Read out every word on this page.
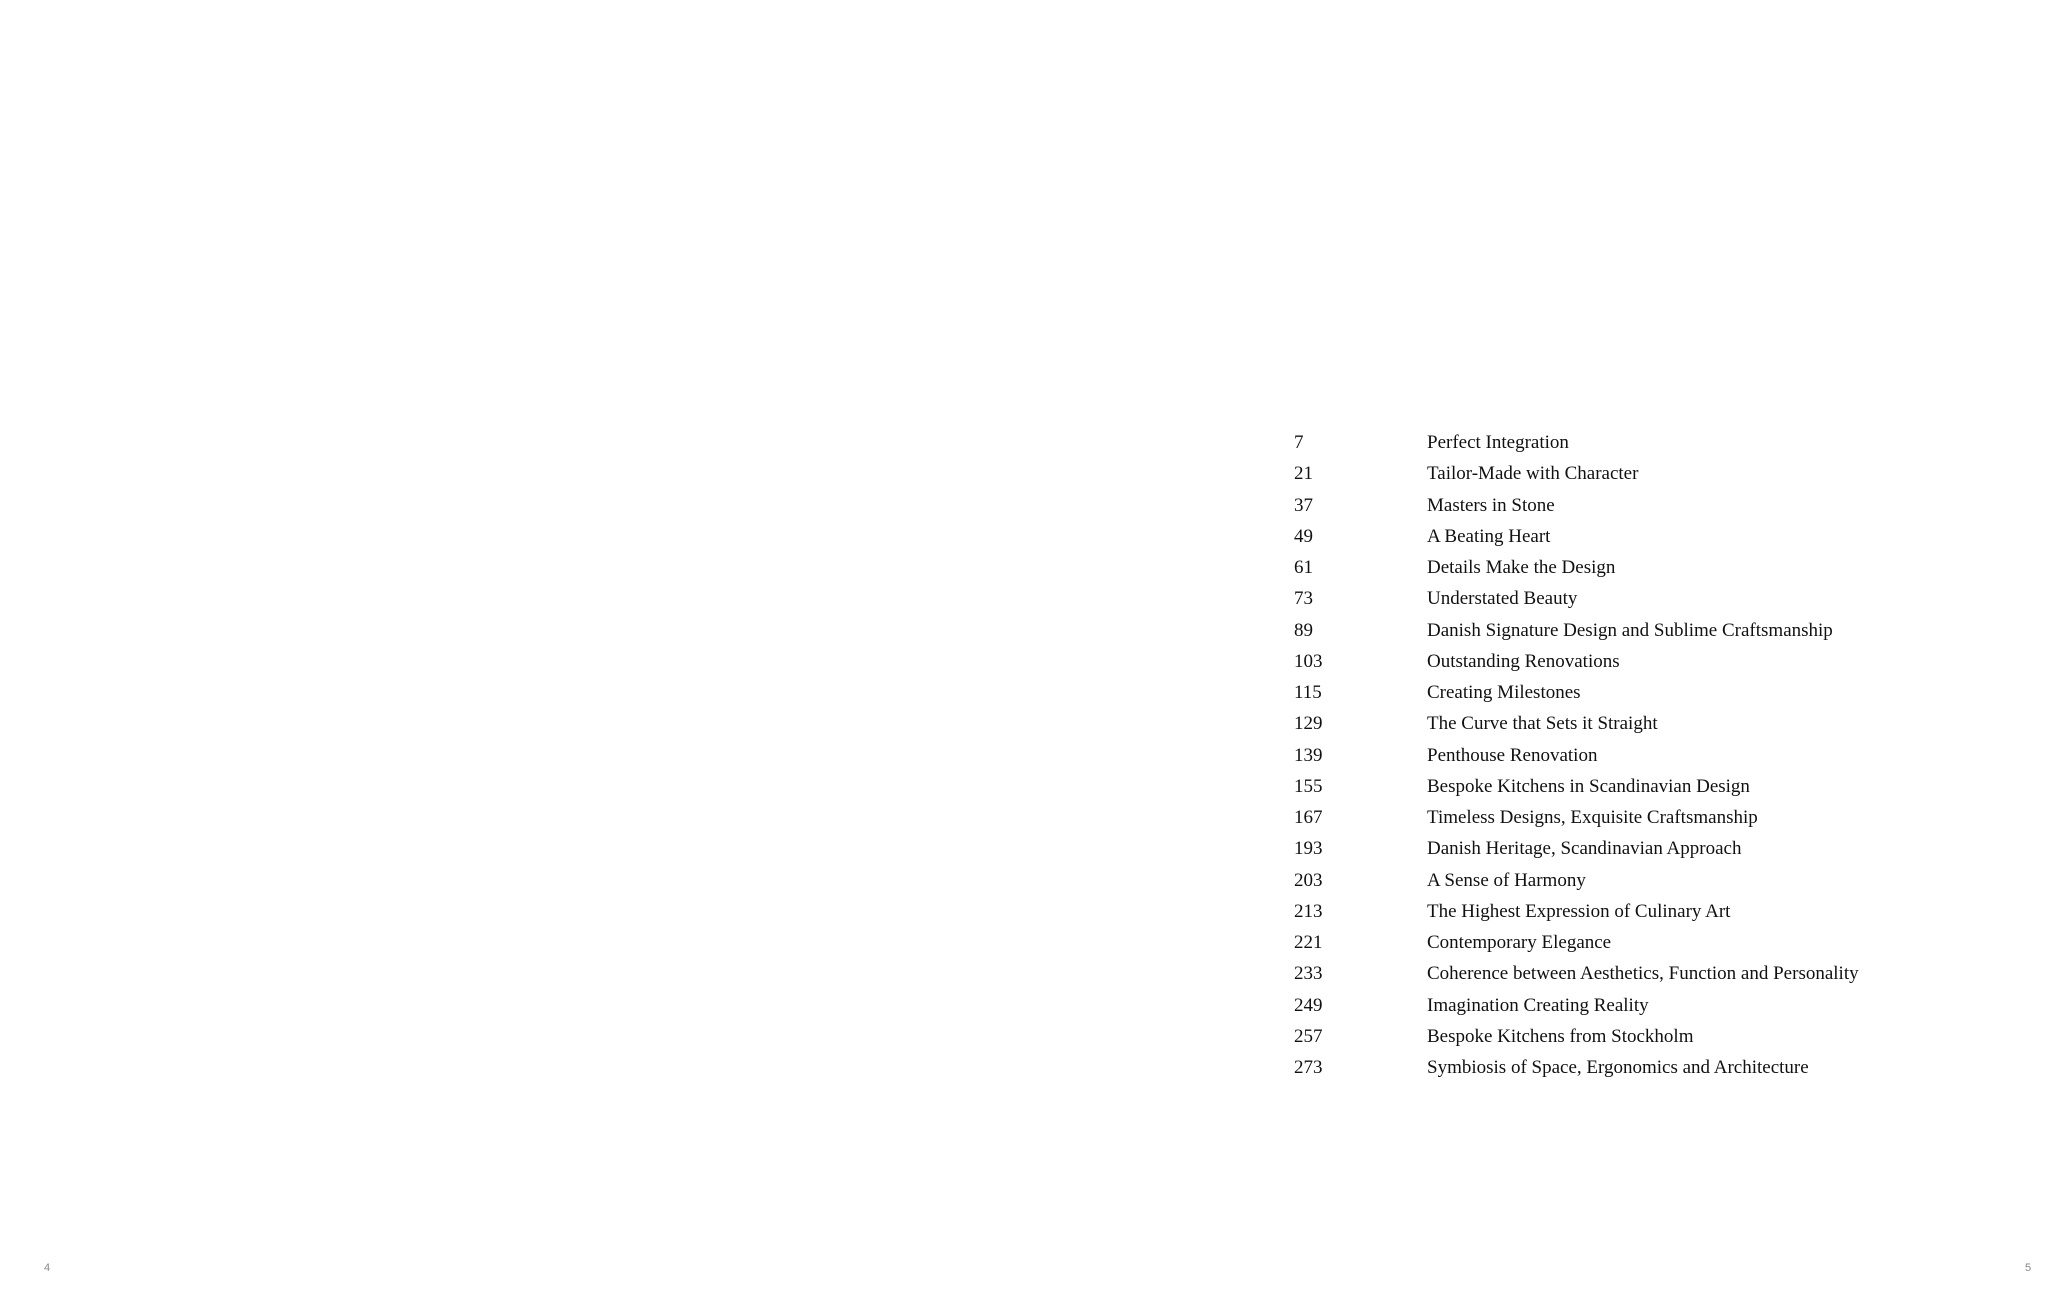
4
7	Perfect Integration
21	Tailor-Made with Character
37	Masters in Stone
49	A Beating Heart
61	Details Make the Design
73	Understated Beauty
89	Danish Signature Design and Sublime Craftsmanship
103	Outstanding Renovations
115	Creating Milestones
129	The Curve that Sets it Straight
139	Penthouse Renovation
155	Bespoke Kitchens in Scandinavian Design
167	Timeless Designs, Exquisite Craftsmanship
193	Danish Heritage, Scandinavian Approach
203	A Sense of Harmony
213	The Highest Expression of Culinary Art
221	Contemporary Elegance
233	Coherence between Aesthetics, Function and Personality
249	Imagination Creating Reality
257	Bespoke Kitchens from Stockholm
273	Symbiosis of Space, Ergonomics and Architecture
5
